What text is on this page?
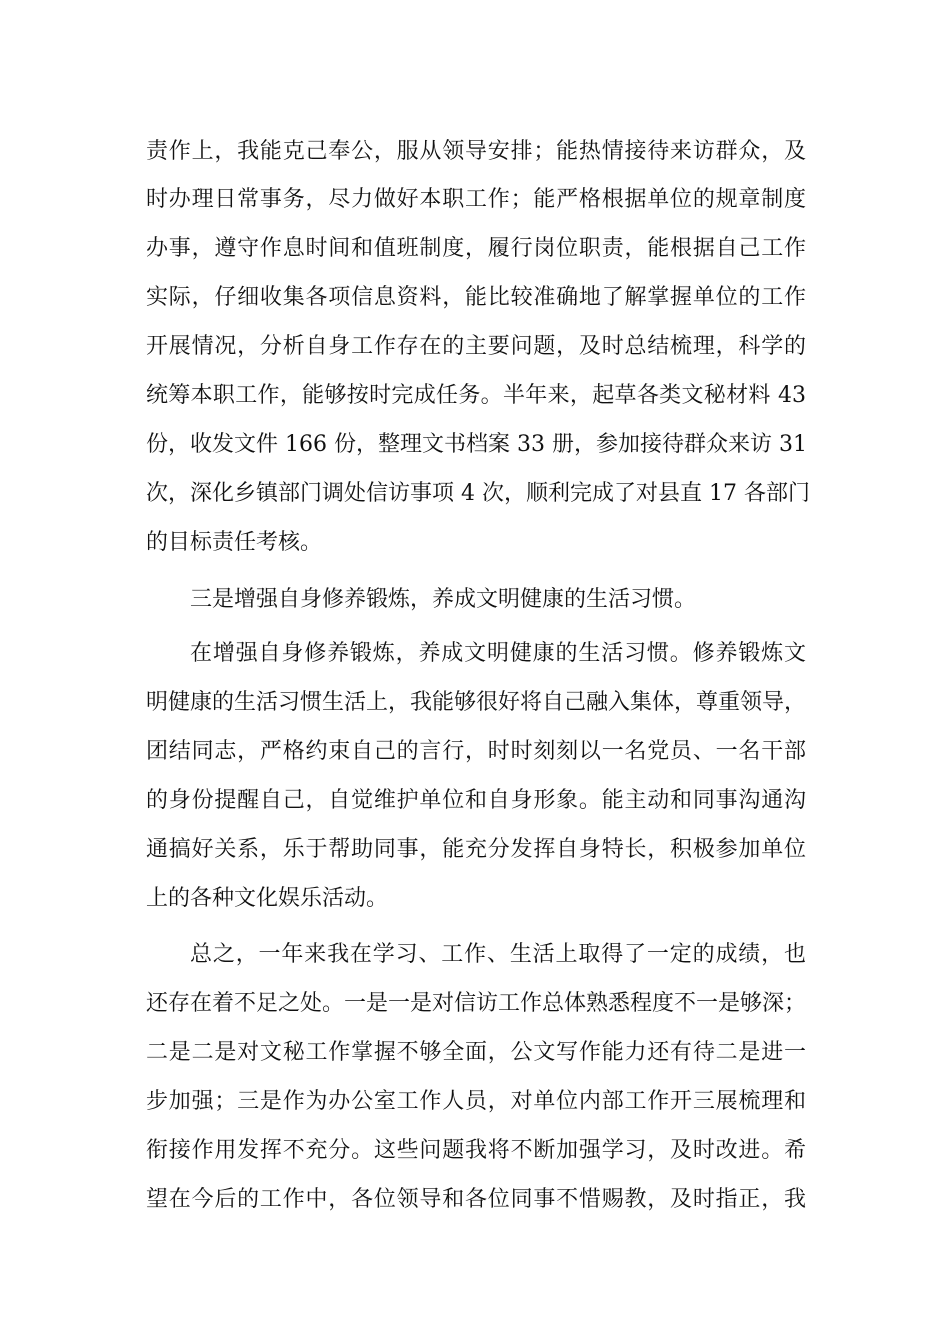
责作上，我能克己奉公，服从领导安排；能热情接待来访群众，及
时办理日常事务，尽力做好本职工作；能严格根据单位的规章制度
办事，遵守作息时间和值班制度，履行岗位职责，能根据自己工作
实际，仔细收集各项信息资料，能比较准确地了解掌握单位的工作
开展情况，分析自身工作存在的主要问题，及时总结梳理，科学的
统筹本职工作，能够按时完成任务。半年来，起草各类文秘材料 43
份，收发文件 166 份，整理文书档案 33 册，参加接待群众来访 31
次，深化乡镇部门调处信访事项 4 次，顺利完成了对县直 17 各部门
的目标责任考核。
三是增强自身修养锻炼，养成文明健康的生活习惯。
在增强自身修养锻炼，养成文明健康的生活习惯。修养锻炼文
明健康的生活习惯生活上，我能够很好将自己融入集体，尊重领导，
团结同志，严格约束自己的言行，时时刻刻以一名党员、一名干部
的身份提醒自己，自觉维护单位和自身形象。能主动和同事沟通沟
通搞好关系，乐于帮助同事，能充分发挥自身特长，积极参加单位
上的各种文化娱乐活动。
总之，一年来我在学习、工作、生活上取得了一定的成绩，也
还存在着不足之处。一是一是对信访工作总体熟悉程度不一是够深；
二是二是对文秘工作掌握不够全面，公文写作能力还有待二是进一
步加强；三是作为办公室工作人员，对单位内部工作开三展梳理和
衔接作用发挥不充分。这些问题我将不断加强学习，及时改进。希
望在今后的工作中，各位领导和各位同事不惜赐教，及时指正，我
